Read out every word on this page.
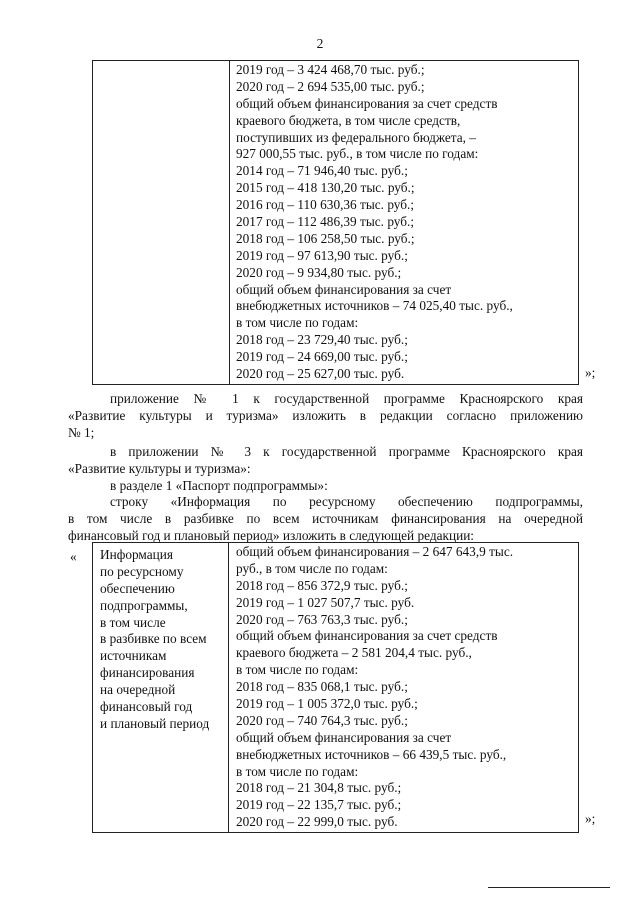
2
2019 год – 3 424 468,70 тыс. руб.;
2020 год – 2 694 535,00 тыс. руб.;
общий объем финансирования за счет средств
краевого бюджета, в том числе средств,
поступивших из федерального бюджета, –
927 000,55 тыс. руб., в том числе по годам:
2014 год – 71 946,40 тыс. руб.;
2015 год – 418 130,20 тыс. руб.;
2016 год – 110 630,36 тыс. руб.;
2017 год – 112 486,39 тыс. руб.;
2018 год – 106 258,50 тыс. руб.;
2019 год – 97 613,90 тыс. руб.;
2020 год – 9 934,80 тыс. руб.;
общий объем финансирования за счет
внебюджетных источников – 74 025,40 тыс. руб.,
в том числе по годам:
2018 год – 23 729,40 тыс. руб.;
2019 год – 24 669,00 тыс. руб.;
2020 год – 25 627,00 тыс. руб.	»;
приложение № 1 к государственной программе Красноярского края
«Развитие культуры и туризма» изложить в редакции согласно приложению
№ 1;
в приложении № 3 к государственной программе Красноярского края
«Развитие культуры и туризма»:
в разделе 1 «Паспорт подпрограммы»:
строку «Информация по ресурсному обеспечению подпрограммы,
в том числе в разбивке по всем источникам финансирования на очередной
финансовый год и плановый период» изложить в следующей редакции:
« Информация
по ресурсному
обеспечению
подпрограммы,
в том числе
в разбивке по всем
источникам
финансирования
на очередной
финансовый год
и плановый период
общий объем финансирования – 2 647 643,9 тыс.
руб., в том числе по годам:
2018 год – 856 372,9 тыс. руб.;
2019 год – 1 027 507,7 тыс. руб.
2020 год – 763 763,3 тыс. руб.;
общий объем финансирования за счет средств
краевого бюджета – 2 581 204,4 тыс. руб.,
в том числе по годам:
2018 год – 835 068,1 тыс. руб.;
2019 год – 1 005 372,0 тыс. руб.;
2020 год – 740 764,3 тыс. руб.;
общий объем финансирования за счет
внебюджетных источников – 66 439,5 тыс. руб.,
в том числе по годам:
2018 год – 21 304,8 тыс. руб.;
2019 год – 22 135,7 тыс. руб.;
2020 год – 22 999,0 тыс. руб.	»;
